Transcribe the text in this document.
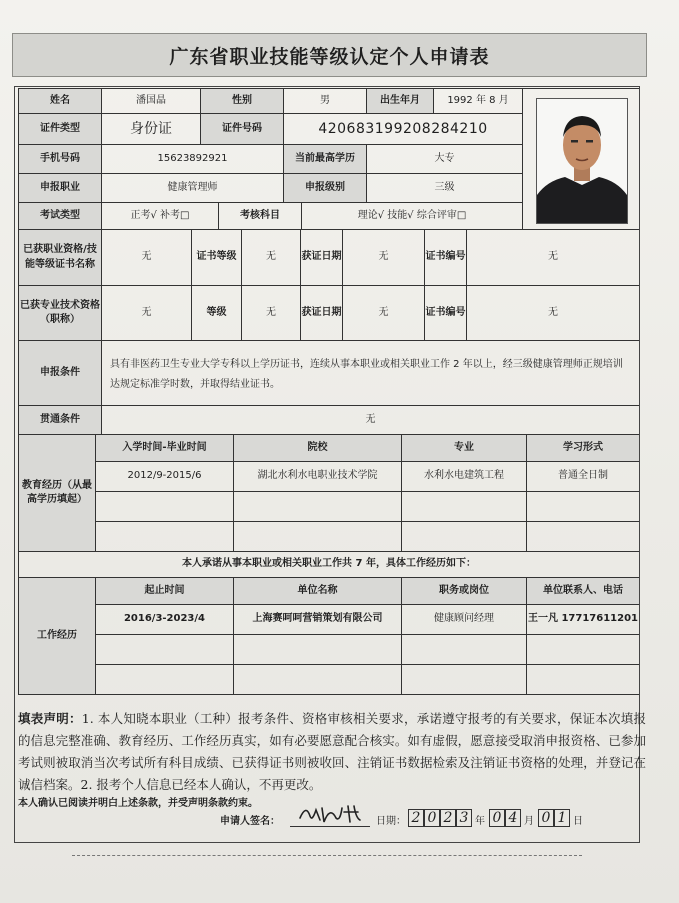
广东省职业技能等级认定个人申请表
姓名	潘国晶	性别	男	出生年月	1992 年 8 月
证件类型	身份证	证件号码	420683199208284210
手机号码	15623892921	当前最高学历	大专
申报职业	健康管理师	申报级别	三级
考试类型	正考√ 补考□	考核科目	理论√ 技能√ 综合评审□
已获职业资格/技能等级证书名称
无	证书等级	无	获证日期	无	证书编号	无
已获专业技术资格（职称）
无	等级	无	获证日期	无	证书编号	无
申报条件
具有非医药卫生专业大学专科以上学历证书，连续从事本职业或相关职业工作 2 年以上，经三级健康管理师正规培训达规定标准学时数，并取得结业证书。
贯通条件	无
教育经历（从最高学历填起）
入学时间-毕业时间	院校	专业	学习形式
2012/9-2015/6	湖北水利水电职业技术学院	水利水电建筑工程	普通全日制
本人承诺从事本职业或相关职业工作共 7 年，具体工作经历如下：
工作经历
起止时间	单位名称	职务或岗位	单位联系人、电话
2016/3-2023/4	上海赛呵呵营销策划有限公司	健康顾问经理	王一凡 17717611201
填表声明：1. 本人知晓本职业（工种）报考条件、资格审核相关要求，承诺遵守报考的有关要求，保证本次填报的信息完整准确、教育经历、工作经历真实，如有必要愿意配合核实。如有虚假，愿意接受取消申报资格、已参加考试则被取消当次考试所有科目成绩、已获得证书则被收回、注销证书数据检索及注销证书资格的处理，并登记在诚信档案。2. 报考个人信息已经本人确认，不再更改。
本人确认已阅读并明白上述条款，并受声明条款约束。
申请人签名：	日期： 2 0 2 3 年 0 4 月 0 1 日
